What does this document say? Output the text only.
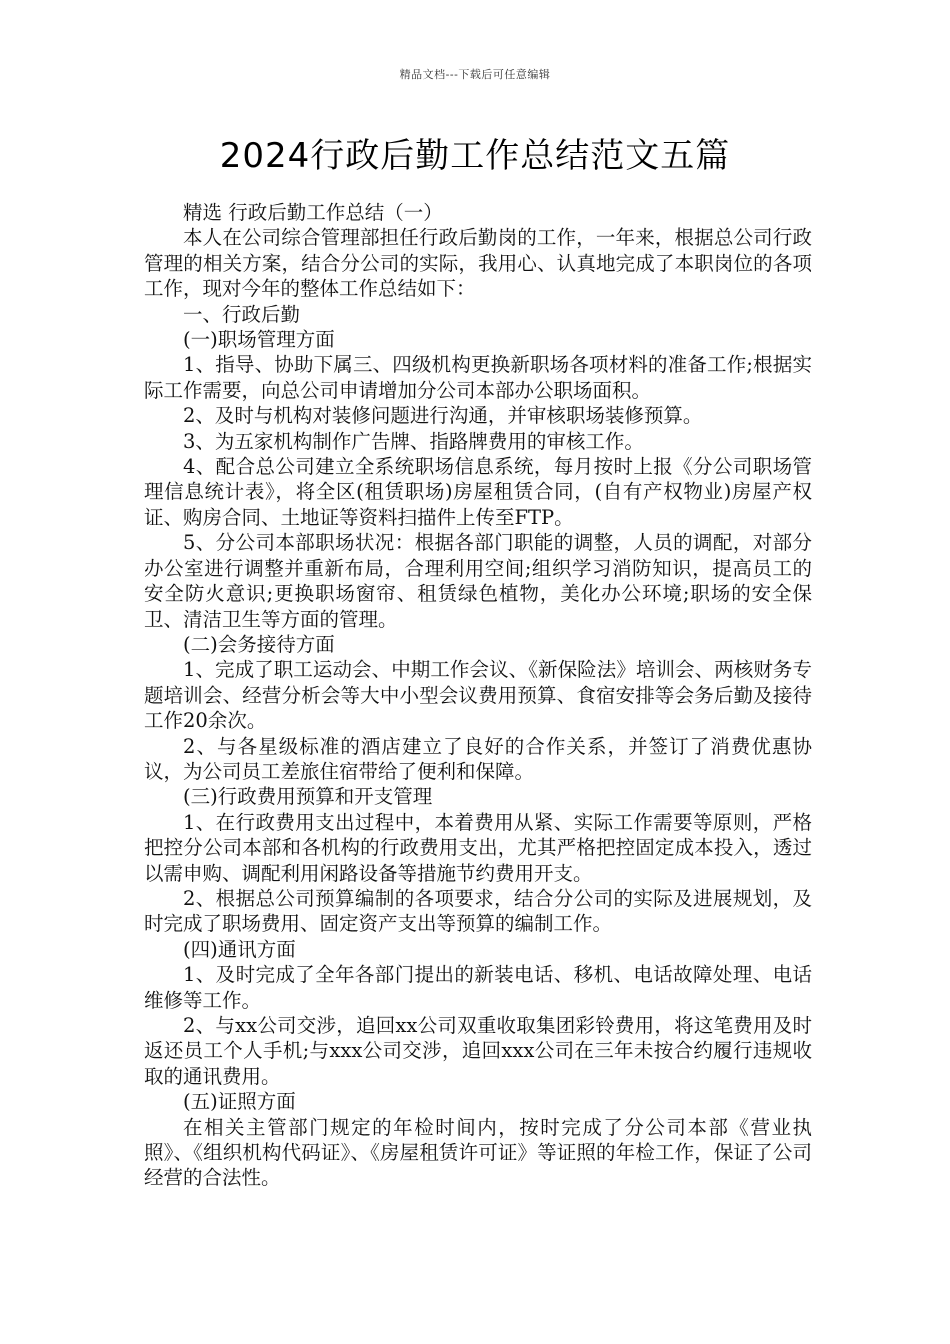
精品文档---下载后可任意编辑
2024行政后勤工作总结范文五篇

精选 行政后勤工作总结（一）

本人在公司综合管理部担任行政后勤岗的工作，一年来，根据总公司行政管理的相关方案，结合分公司的实际，我用心、认真地完成了本职岗位的各项工作，现对今年的整体工作总结如下：

一、行政后勤

(一)职场管理方面

1、指导、协助下属三、四级机构更换新职场各项材料的准备工作;根据实际工作需要，向总公司申请增加分公司本部办公职场面积。

2、及时与机构对装修问题进行沟通，并审核职场装修预算。

3、为五家机构制作广告牌、指路牌费用的审核工作。

4、配合总公司建立全系统职场信息系统，每月按时上报《分公司职场管理信息统计表》，将全区(租赁职场)房屋租赁合同，(自有产权物业)房屋产权证、购房合同、土地证等资料扫描件上传至FTP。

5、分公司本部职场状况：根据各部门职能的调整，人员的调配，对部分办公室进行调整并重新布局，合理利用空间;组织学习消防知识，提高员工的安全防火意识;更换职场窗帘、租赁绿色植物，美化办公环境;职场的安全保卫、清洁卫生等方面的管理。

(二)会务接待方面

1、完成了职工运动会、中期工作会议、《新保险法》培训会、两核财务专题培训会、经营分析会等大中小型会议费用预算、食宿安排等会务后勤及接待工作20余次。

2、与各星级标准的酒店建立了良好的合作关系，并签订了消费优惠协议，为公司员工差旅住宿带给了便利和保障。

(三)行政费用预算和开支管理

1、在行政费用支出过程中，本着费用从紧、实际工作需要等原则，严格把控分公司本部和各机构的行政费用支出，尤其严格把控固定成本投入，透过以需申购、调配利用闲路设备等措施节约费用开支。

2、根据总公司预算编制的各项要求，结合分公司的实际及进展规划，及时完成了职场费用、固定资产支出等预算的编制工作。

(四)通讯方面

1、及时完成了全年各部门提出的新装电话、移机、电话故障处理、电话维修等工作。

2、与xx公司交涉，追回xx公司双重收取集团彩铃费用，将这笔费用及时返还员工个人手机;与xxx公司交涉，追回xxx公司在三年未按合约履行违规收取的通讯费用。

(五)证照方面

在相关主管部门规定的年检时间内，按时完成了分公司本部《营业执照》、《组织机构代码证》、《房屋租赁许可证》等证照的年检工作，保证了公司经营的合法性。
